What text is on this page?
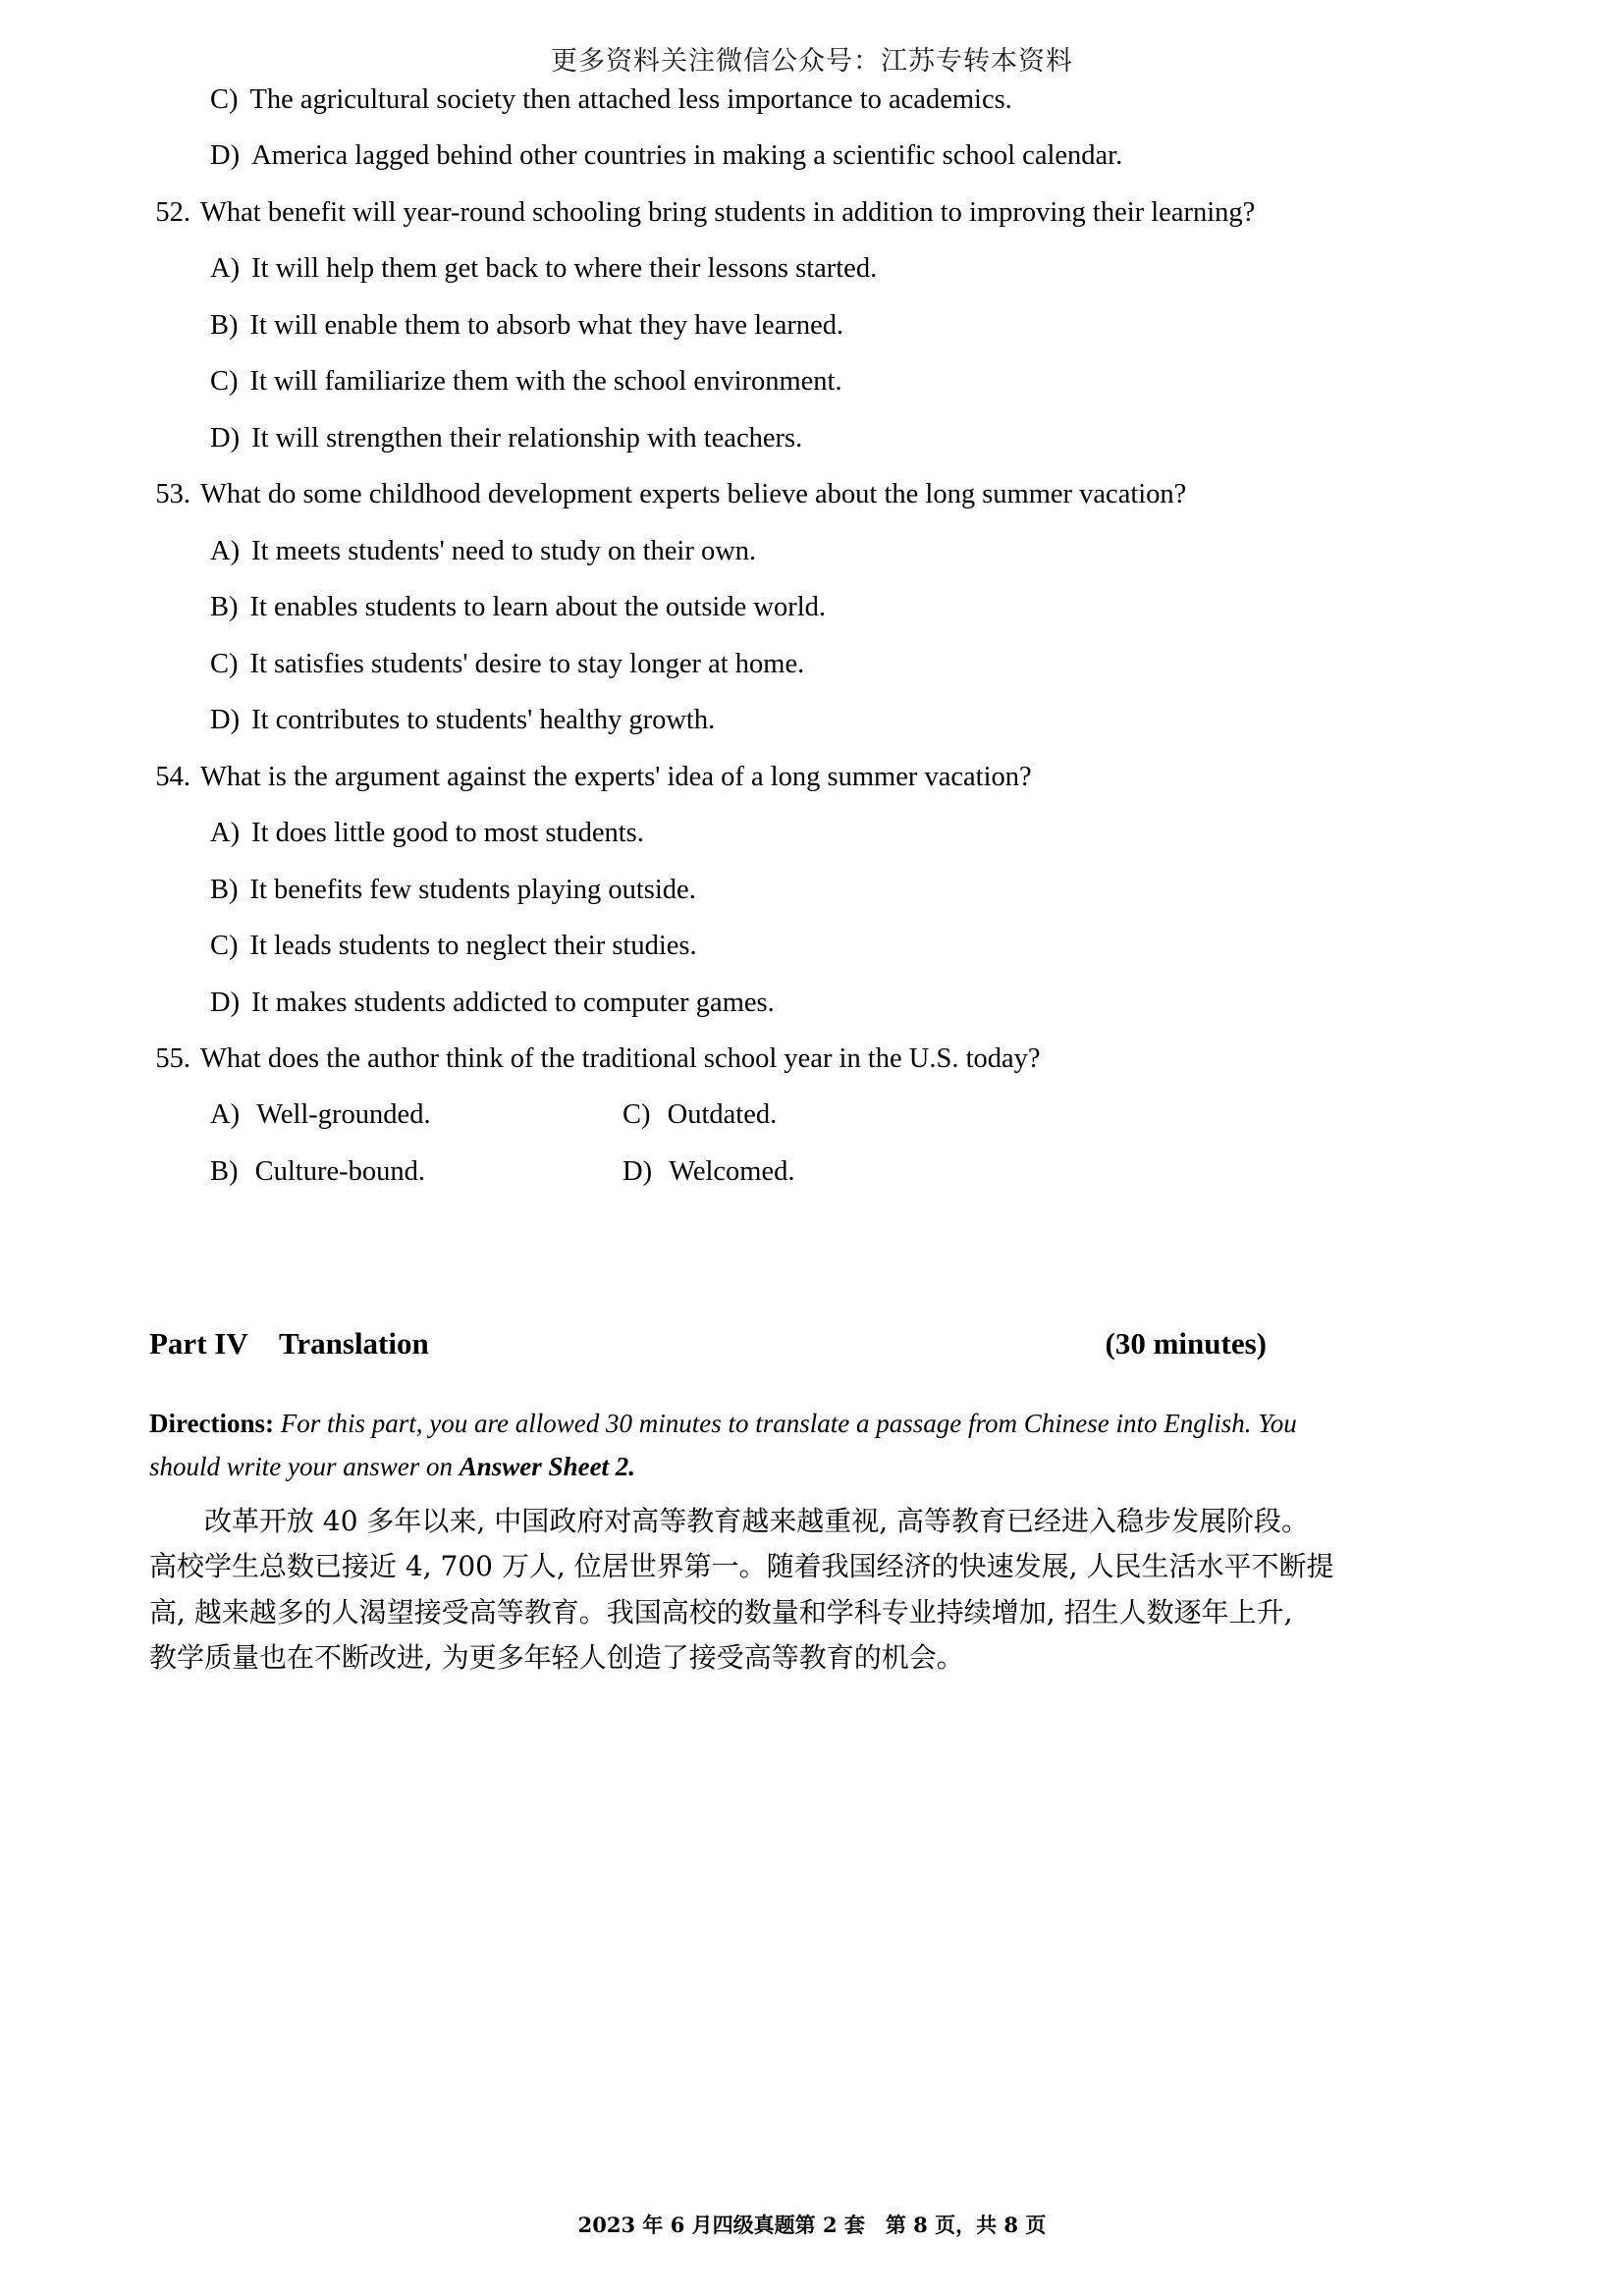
更多资料关注微信公众号：江苏专转本资料
C) The agricultural society then attached less importance to academics.
D) America lagged behind other countries in making a scientific school calendar.
52. What benefit will year-round schooling bring students in addition to improving their learning?
A) It will help them get back to where their lessons started.
B) It will enable them to absorb what they have learned.
C) It will familiarize them with the school environment.
D) It will strengthen their relationship with teachers.
53. What do some childhood development experts believe about the long summer vacation?
A) It meets students' need to study on their own.
B) It enables students to learn about the outside world.
C) It satisfies students' desire to stay longer at home.
D) It contributes to students' healthy growth.
54. What is the argument against the experts' idea of a long summer vacation?
A) It does little good to most students.
B) It benefits few students playing outside.
C) It leads students to neglect their studies.
D) It makes students addicted to computer games.
55. What does the author think of the traditional school year in the U.S. today?
A) Well-grounded.	C) Outdated.
B) Culture-bound.	D) Welcomed.
Part IV	Translation	(30 minutes)
Directions: For this part, you are allowed 30 minutes to translate a passage from Chinese into English. You
should write your answer on Answer Sheet 2.
改革开放 40 多年以来, 中国政府对高等教育越来越重视, 高等教育已经进入稳步发展阶段。
高校学生总数已接近 4, 700 万人, 位居世界第一。随着我国经济的快速发展, 人民生活水平不断提
高, 越来越多的人渴望接受高等教育。我国高校的数量和学科专业持续增加, 招生人数逐年上升,
教学质量也在不断改进, 为更多年轻人创造了接受高等教育的机会。
2023 年 6 月四级真题第 2 套　第 8 页，共 8 页
